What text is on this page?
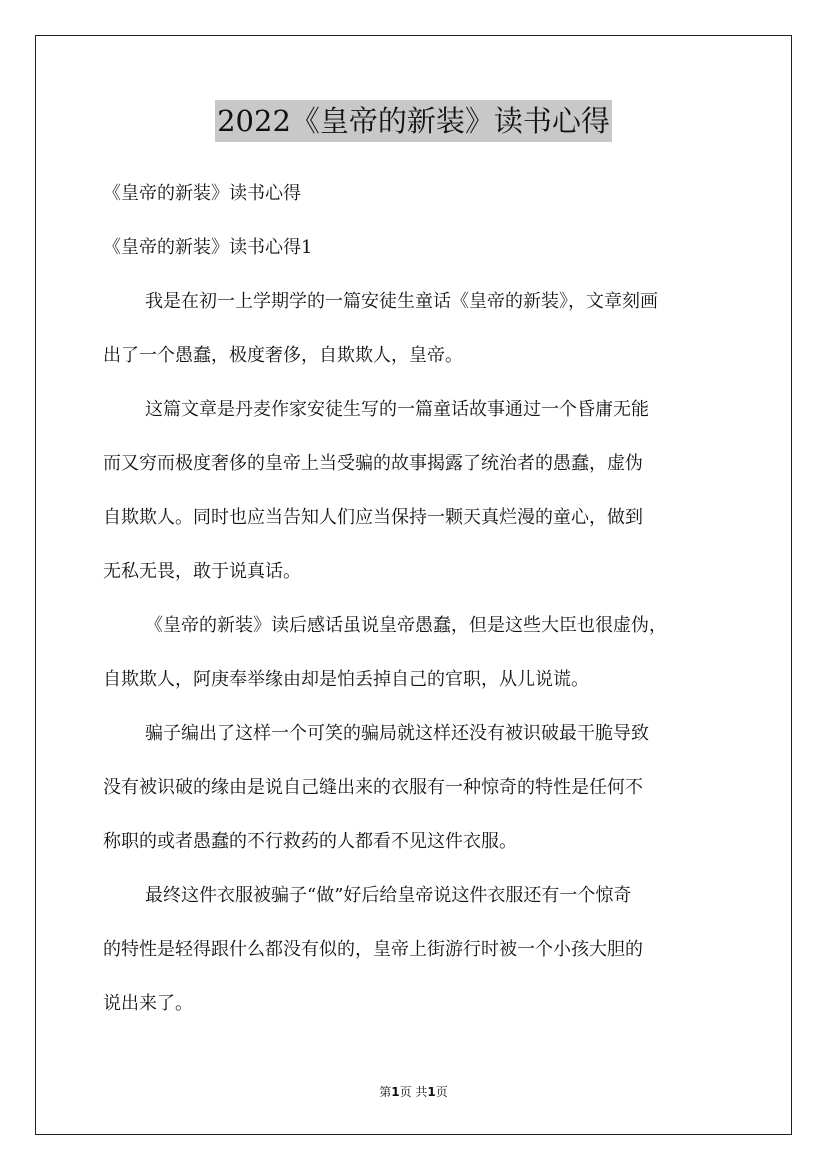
2022《皇帝的新装》读书心得

《皇帝的新装》读书心得

《皇帝的新装》读书心得1

我是在初一上学期学的一篇安徒生童话《皇帝的新装》，文章刻画

出了一个愚蠢，极度奢侈，自欺欺人，皇帝。

这篇文章是丹麦作家安徒生写的一篇童话故事通过一个昏庸无能

而又穷而极度奢侈的皇帝上当受骗的故事揭露了统治者的愚蠢，虚伪

自欺欺人。同时也应当告知人们应当保持一颗天真烂漫的童心，做到

无私无畏，敢于说真话。

《皇帝的新装》读后感话虽说皇帝愚蠢，但是这些大臣也很虚伪，

自欺欺人，阿庚奉举缘由却是怕丢掉自己的官职，从儿说谎。

骗子编出了这样一个可笑的骗局就这样还没有被识破最干脆导致

没有被识破的缘由是说自己缝出来的衣服有一种惊奇的特性是任何不

称职的或者愚蠢的不行救药的人都看不见这件衣服。

最终这件衣服被骗子“做”好后给皇帝说这件衣服还有一个惊奇

的特性是轻得跟什么都没有似的，皇帝上街游行时被一个小孩大胆的

说出来了。

第1页 共1页
